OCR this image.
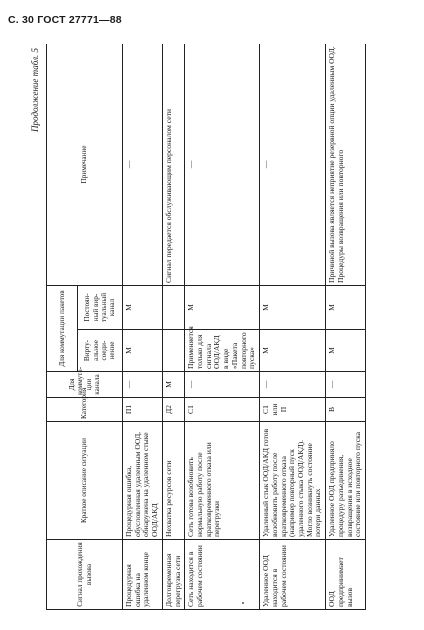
С. 30 ГОСТ 27771—88
Продолжение табл. 5
Сигнал прохождения вызова	Краткое описание ситуации	Категория	Для коммута-ции канала	Для коммутации пакетов		Примечание
				Вирту-альное соеди-нение	Постоян-ный вир-туальный канал	
Процедурная ошибка на удаленном конце	Процедурная ошибка, обусловленная удаленным ООД, обнаружена на удаленном стыке ООД/АКД	П1	—	М	М	—
Долговременная перегрузка сети	Нехватка ресурсов сети	Д2	М			Сигнал передается обслуживающим персоналом сети
Сеть находится в рабочем состоянии	Сеть готова возобновить нормальную работу после кратковременного отказа или перегрузки	С1	—	Применяется только для сигнала ООД/АКД в виде «Пакета повторного пуска»	М	—
Удаленное ООД находится в рабочем состоянии	Удаленный стык ООД/АКД готов возобновить работу после кратковременного отказа (например повторный пуск удаленного стыка ООД/АКД). Могло возникнуть состояние потери данных	С1 или П	—	М	М	—
ООД предпринимает вызов	Удаленное ООД предприняло процедуру разъединения, возвращения в исходное состояние или повторного пуска	В	—	М	М	Причиной вызова является неприятие резервной опции удаленным ООД. Процедуры возвращения или повторного
